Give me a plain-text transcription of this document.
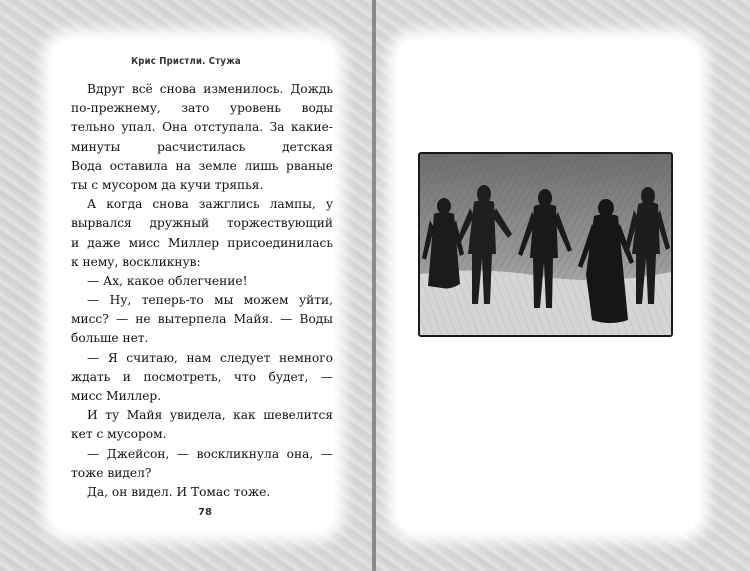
Крис Пристли. Стужа
Вдруг всё снова изменилось. Дождь
по-прежнему, зато уровень воды
тельно упал. Она отступала. За какие-
минуты расчистилась детская
Вода оставила на земле лишь рваные
ты с мусором да кучи тряпья.
А когда снова зажглись лампы, у
вырвался дружный торжествующий
и даже мисс Миллер присоединилась
к нему, воскликнув:
— Ах, какое облегчение!
— Ну, теперь-то мы можем уйти,
мисс? — не вытерпела Майя. — Воды
больше нет.
— Я считаю, нам следует немного
ждать и посмотреть, что будет, —
мисс Миллер.
И ту Майя увидела, как шевелится
кет с мусором.
— Джейсон, — воскликнула она, —
тоже видел?
Да, он видел. И Томас тоже.
78
